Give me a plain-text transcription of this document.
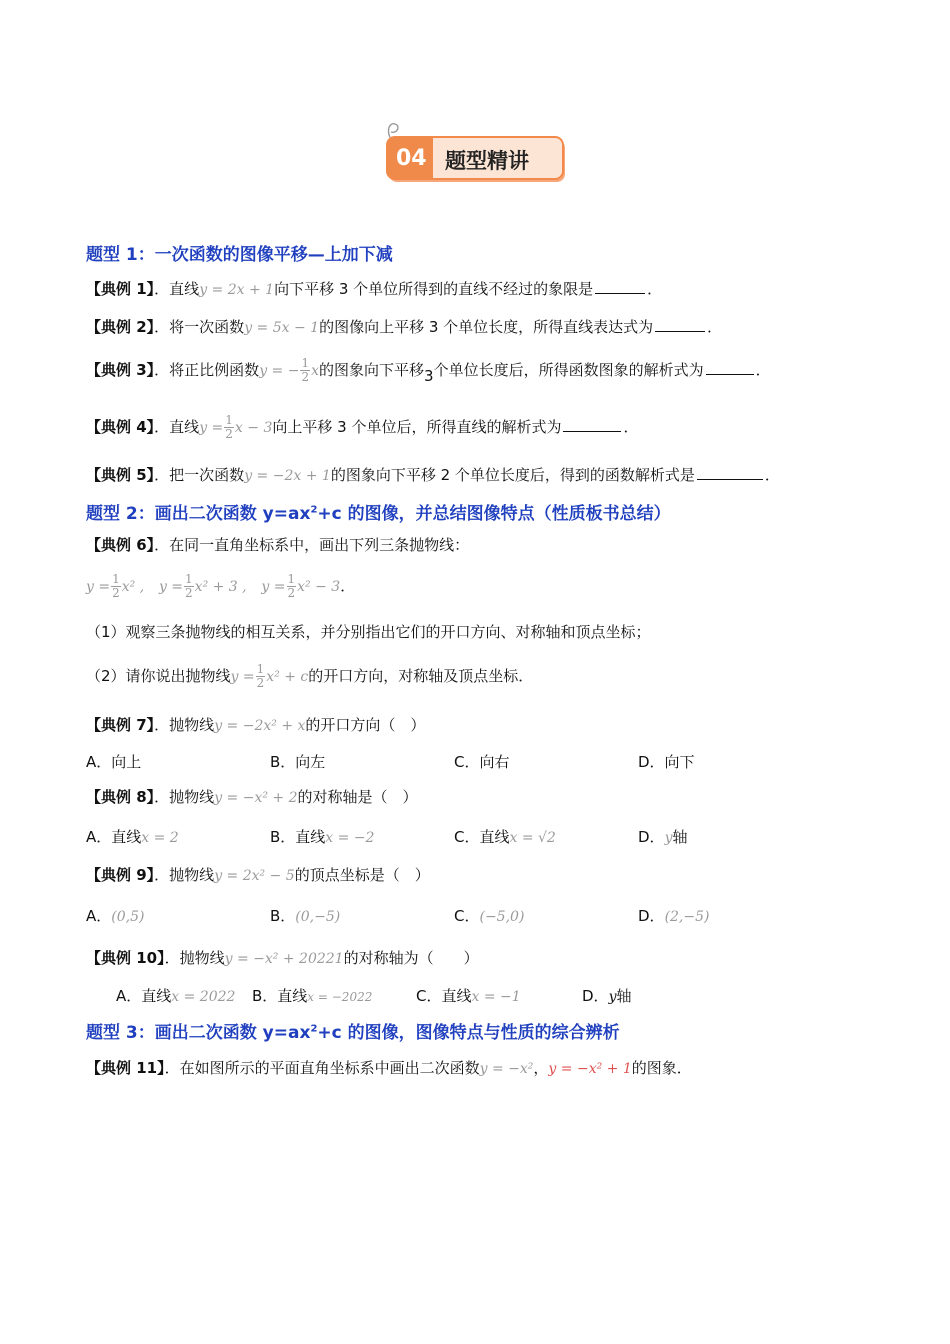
04 题型精讲
题型 1：一次函数的图像平移—上加下减
【典例 1】．直线y = 2x + 1向下平移 3 个单位所得到的直线不经过的象限是	．
【典例 2】．将一次函数y = 5x − 1的图像向上平移 3 个单位长度，所得直线表达式为	．
【典例 3】．将正比例函数y = − $\frac{1}{2}$ x的图象向下平移3个单位长度后，所得函数图象的解析式为	．
【典例 4】．直线$y = \frac{1}{2}$ x − 3向上平移 3 个单位后，所得直线的解析式为	．
【典例 5】．把一次函数y = −2x + 1的图象向下平移 2 个单位长度后，得到的函数解析式是	．
题型 2：画出二次函数 $y=ax^2+c$ 的图像，并总结图像特点（性质板书总结）
【典例 6】．在同一直角坐标系中，画出下列三条抛物线：
$y = \frac{1}{2} x^2$ , $y = \frac{1}{2} x^2 + 3$ , $y = \frac{1}{2} x^2 - 3$．
（1）观察三条抛物线的相互关系，并分别指出它们的开口方向、对称轴和顶点坐标；
（2）请你说出抛物线$y = \frac{1}{2} x^2 + c$的开口方向，对称轴及顶点坐标．
【典例 7】．抛物线y = −2x² + x的开口方向（　）
A．向上	B．向左	C．向右	D．向下
【典例 8】．抛物线y = −x² + 2的对称轴是（　）
A．直线x = 2	B．直线x = −2	C．直线x = √2	D．y轴
【典例 9】．抛物线y = 2x² − 5的顶点坐标是（　）
A．(0,5)	B．(0,−5)	C．(−5,0)	D．(2,−5)
【典例 10】．抛物线y = −x² + 20221的对称轴为（　　）
A．直线x = 2022 B．直线x = −2022	C．直线x = −1	D．y轴
题型 3：画出二次函数 $y=ax^2+c$ 的图像，图像特点与性质的综合辨析
【典例 11】．在如图所示的平面直角坐标系中画出二次函数y = −x²，y = −x² + 1的图象．
